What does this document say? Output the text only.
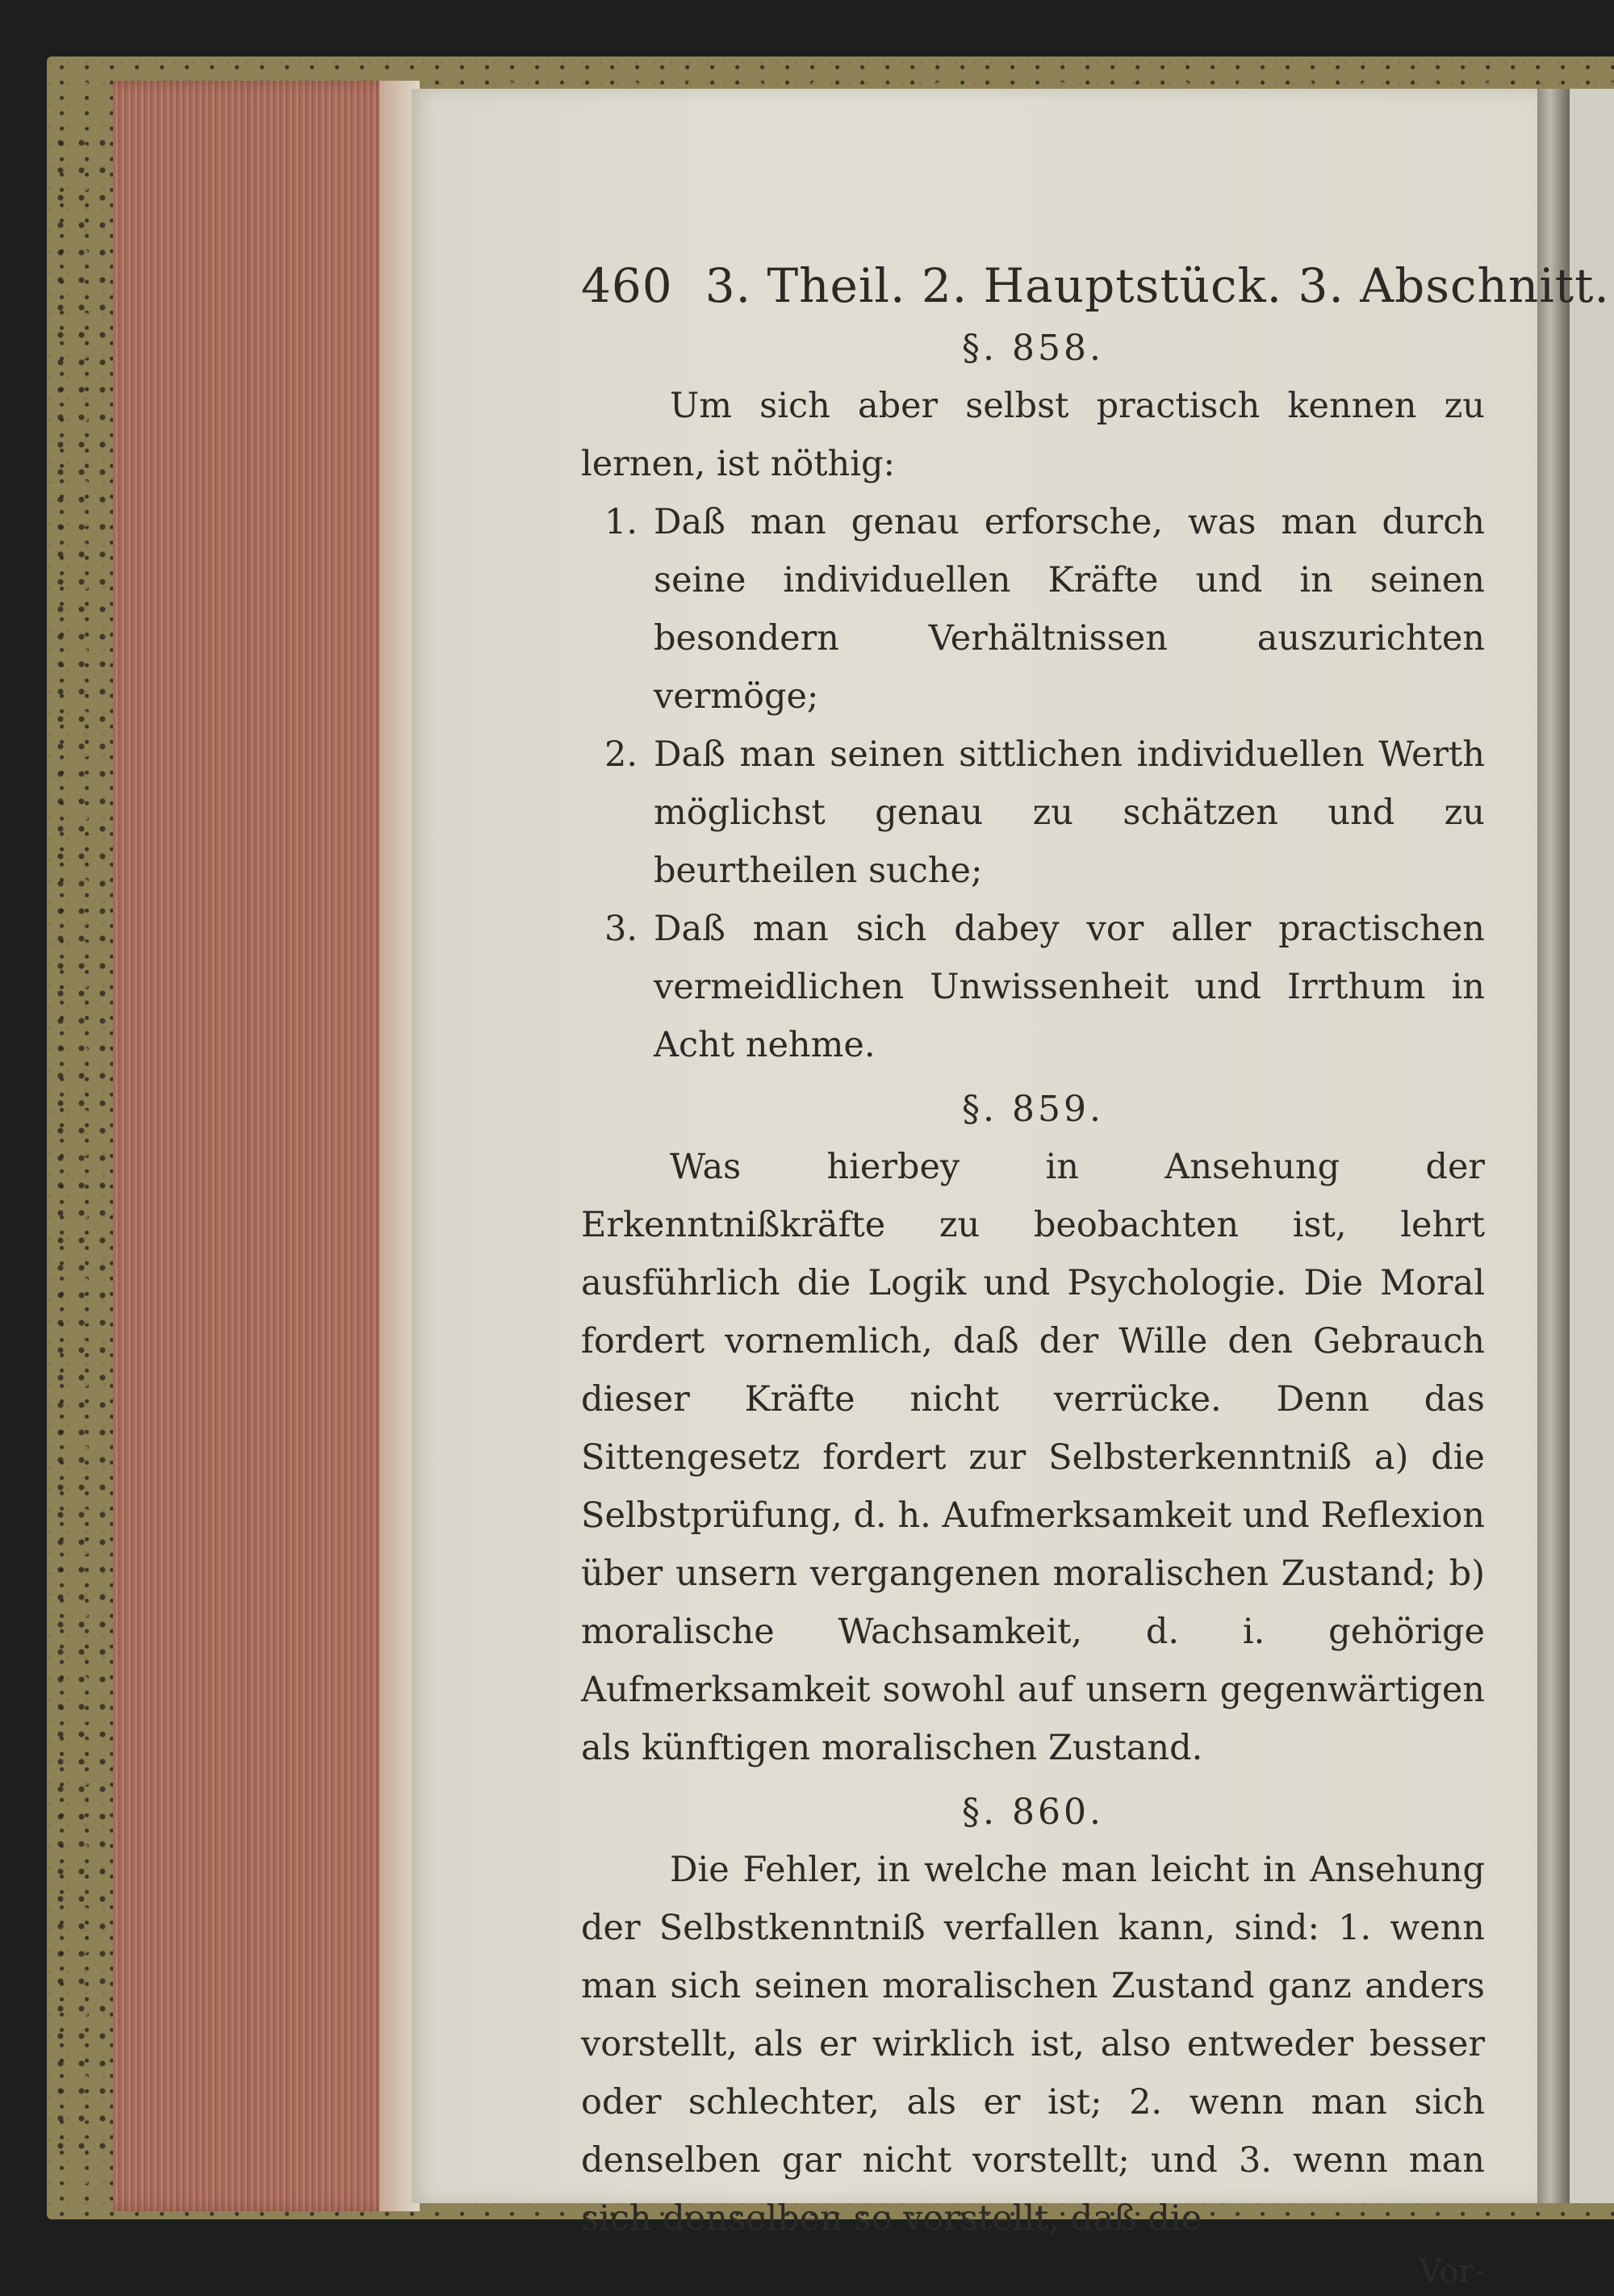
460 3. Theil. 2. Hauptstück. 3. Abschnitt.
§. 858.

Um sich aber selbst practisch kennen zu lernen, ist nöthig:

1. Daß man genau erforsche, was man durch seine individuellen Kräfte und in seinen besondern Verhältnissen auszurichten vermöge;
2. Daß man seinen sittlichen individuellen Werth möglichst genau zu schätzen und zu beurtheilen suche;
3. Daß man sich dabey vor aller practischen vermeidlichen Unwissenheit und Irrthum in Acht nehme.
§. 859.

Was hierbey in Ansehung der Erkenntnißkräfte zu beobachten ist, lehrt ausführlich die Logik und Psychologie. Die Moral fordert vornemlich, daß der Wille den Gebrauch dieser Kräfte nicht verrücke. Denn das Sittengesetz fordert zur Selbsterkenntniß a) die Selbstprüfung, d. h. Aufmerksamkeit und Reflexion über unsern vergangenen moralischen Zustand; b) moralische Wachsamkeit, d. i. gehörige Aufmerksamkeit sowohl auf unsern gegenwärtigen als künftigen moralischen Zustand.

§. 860.

Die Fehler, in welche man leicht in Ansehung der Selbstkenntniß verfallen kann, sind: 1. wenn man sich seinen moralischen Zustand ganz anders vorstellt, als er wirklich ist, also entweder besser oder schlechter, als er ist; 2. wenn man sich denselben gar nicht vorstellt; und 3. wenn man sich denselben so vorstellt, daß die

Vor-
